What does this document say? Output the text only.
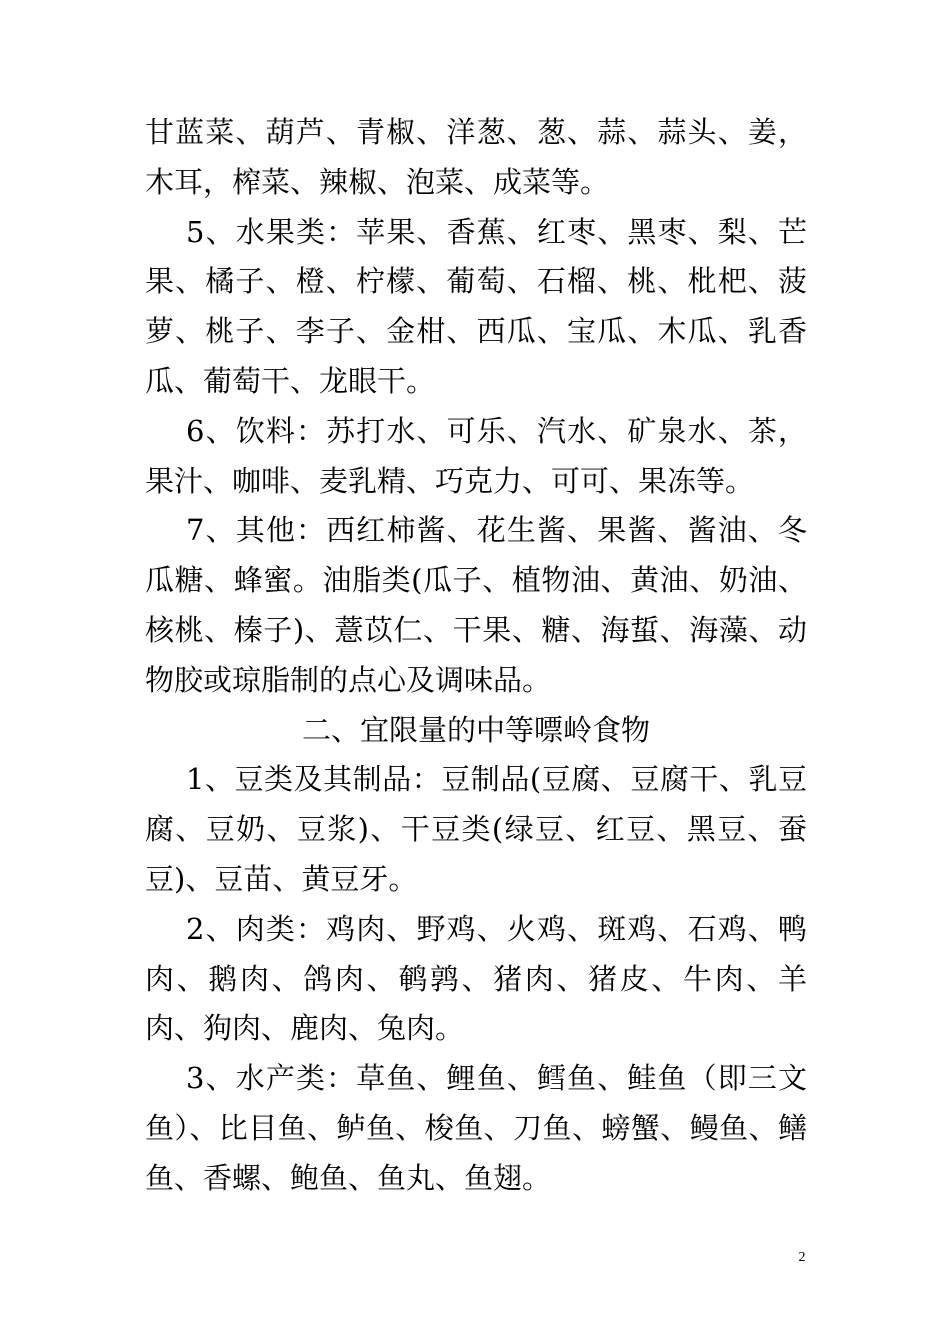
甘蓝菜、葫芦、青椒、洋葱、葱、蒜、蒜头、姜，木耳，榨菜、辣椒、泡菜、成菜等。

5、水果类：苹果、香蕉、红枣、黑枣、梨、芒果、橘子、橙、柠檬、葡萄、石榴、桃、枇杷、菠萝、桃子、李子、金柑、西瓜、宝瓜、木瓜、乳香瓜、葡萄干、龙眼干。

6、饮料：苏打水、可乐、汽水、矿泉水、茶，果汁、咖啡、麦乳精、巧克力、可可、果冻等。

7、其他：西红柿酱、花生酱、果酱、酱油、冬瓜糖、蜂蜜。油脂类(瓜子、植物油、黄油、奶油、核桃、榛子)、薏苡仁、干果、糖、海蜇、海藻、动物胶或琼脂制的点心及调味品。

二、宜限量的中等嘌岭食物

1、豆类及其制品：豆制品(豆腐、豆腐干、乳豆腐、豆奶、豆浆)、干豆类(绿豆、红豆、黑豆、蚕豆)、豆苗、黄豆牙。

2、肉类：鸡肉、野鸡、火鸡、斑鸡、石鸡、鸭肉、鹅肉、鸽肉、鹌鹑、猪肉、猪皮、牛肉、羊肉、狗肉、鹿肉、兔肉。

3、水产类：草鱼、鲤鱼、鳕鱼、鲑鱼（即三文鱼）、比目鱼、鲈鱼、梭鱼、刀鱼、螃蟹、鳗鱼、鳝鱼、香螺、鲍鱼、鱼丸、鱼翅。

2
